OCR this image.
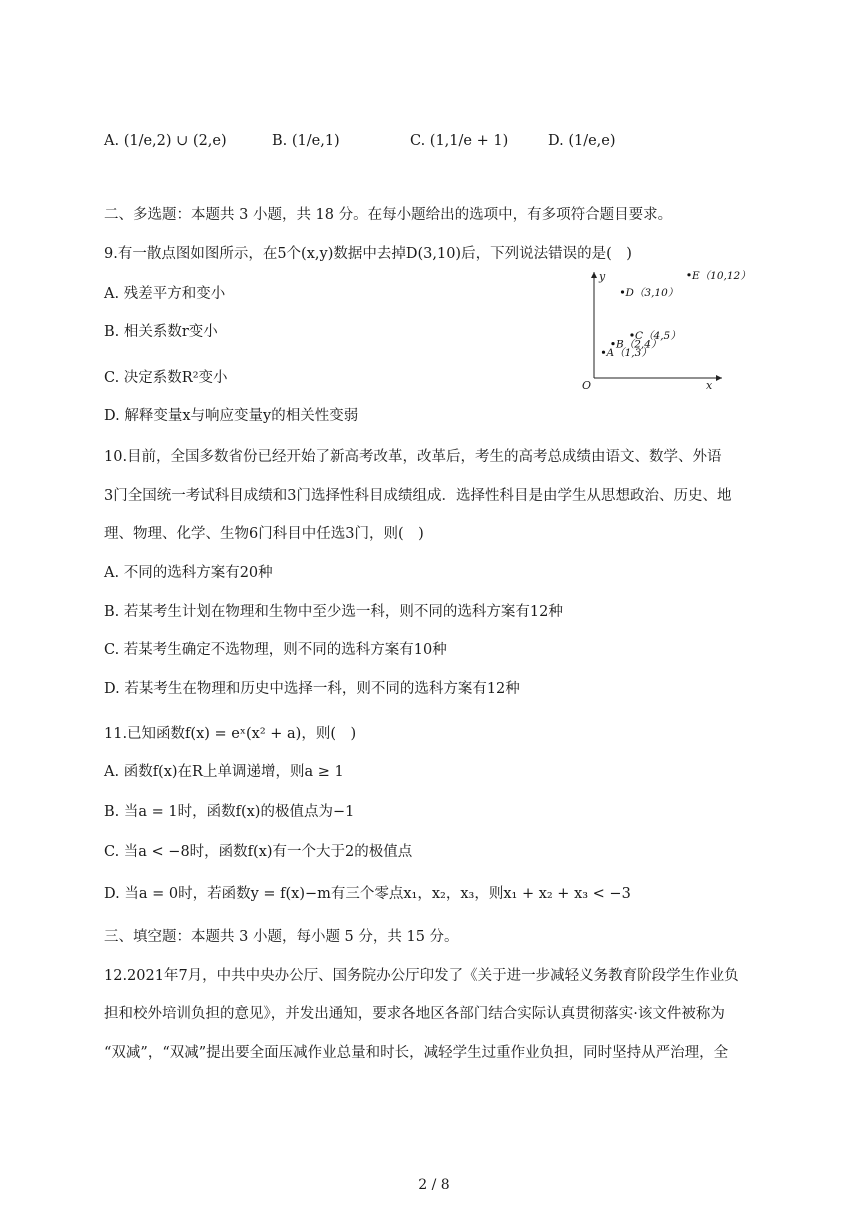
A. (1/e,2) ∪ (2,e)	B. (1/e,1)	C. (1,1/e + 1)	D. (1/e,e)
二、多选题：本题共 3 小题，共 18 分。在每小题给出的选项中，有多项符合题目要求。
9.有一散点图如图所示，在5个(x,y)数据中去掉D(3,10)后，下列说法错误的是(　)
A. 残差平方和变小
B. 相关系数r变小
C. 决定系数R²变小
D. 解释变量x与响应变量y的相关性变弱
O	x
y
A（1,3）
B（2,4）
C（4,5）
D（3,10）
E（10,12）
10.目前，全国多数省份已经开始了新高考改革，改革后，考生的高考总成绩由语文、数学、外语
3门全国统一考试科目成绩和3门选择性科目成绩组成．选择性科目是由学生从思想政治、历史、地
理、物理、化学、生物6门科目中任选3门，则(　)
A. 不同的选科方案有20种
B. 若某考生计划在物理和生物中至少选一科，则不同的选科方案有12种
C. 若某考生确定不选物理，则不同的选科方案有10种
D. 若某考生在物理和历史中选择一科，则不同的选科方案有12种
11.已知函数f(x) = eˣ(x² + a)，则(　)
A. 函数f(x)在R上单调递增，则a ≥ 1
B. 当a = 1时，函数f(x)的极值点为−1
C. 当a < −8时，函数f(x)有一个大于2的极值点
D. 当a = 0时，若函数y = f(x)−m有三个零点x₁，x₂，x₃，则x₁ + x₂ + x₃ < −3
三、填空题：本题共 3 小题，每小题 5 分，共 15 分。
12.2021年7月，中共中央办公厅、国务院办公厅印发了《关于进一步减轻义务教育阶段学生作业负
担和校外培训负担的意见》，并发出通知，要求各地区各部门结合实际认真贯彻落实·该文件被称为
“双减”，“双减”提出要全面压减作业总量和时长，减轻学生过重作业负担，同时坚持从严治理，全
2 / 8
